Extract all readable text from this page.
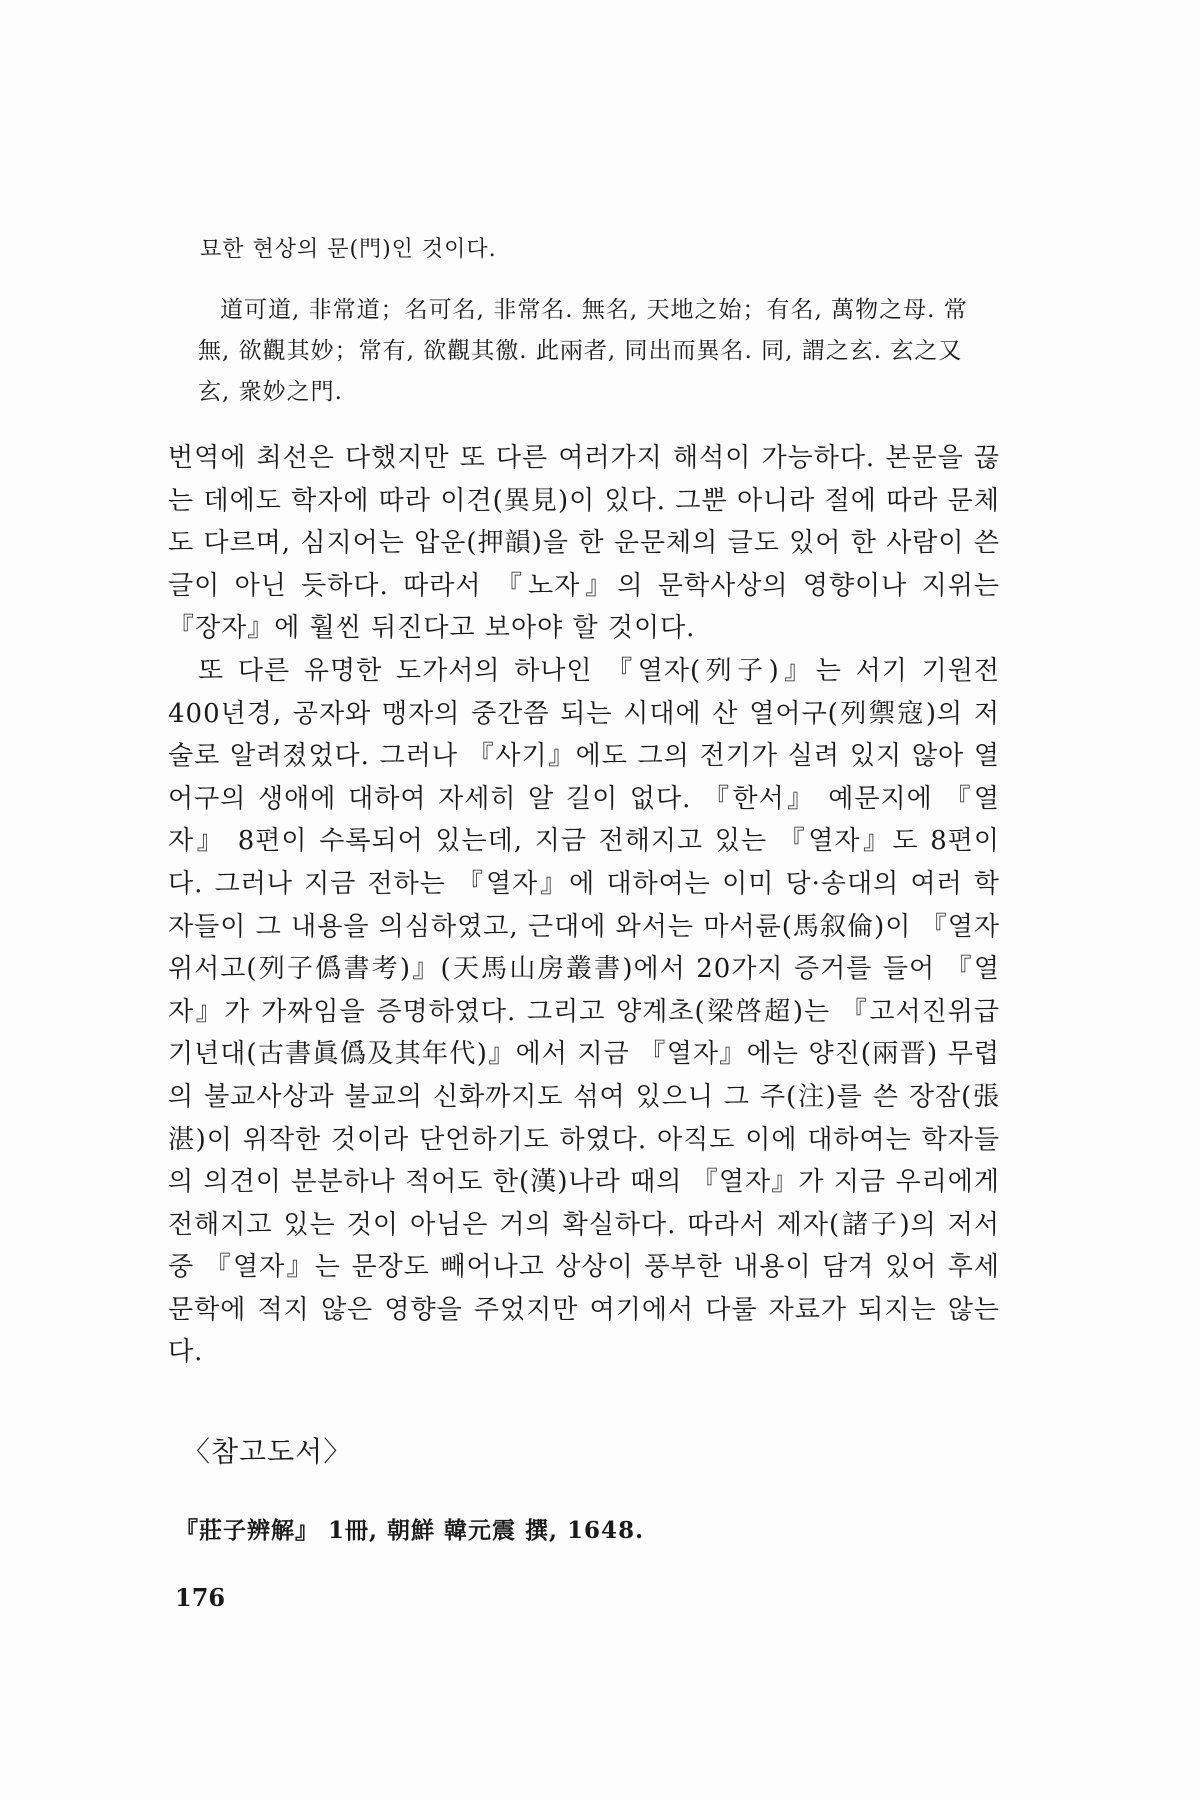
묘한 현상의 문(門)인 것이다.

道可道, 非常道；名可名, 非常名. 無名, 天地之始；有名, 萬物之母. 常

無, 欲觀其妙；常有, 欲觀其徼. 此兩者, 同出而異名. 同, 謂之玄. 玄之又

玄, 衆妙之門.

번역에 최선은 다했지만 또 다른 여러가지 해석이 가능하다. 본문을 끊는 데에도 학자에 따라 이견(異見)이 있다. 그뿐 아니라 절에 따라 문체도 다르며, 심지어는 압운(押韻)을 한 운문체의 글도 있어 한 사람이 쓴 글이 아닌 듯하다. 따라서 『노자』의 문학사상의 영향이나 지위는 『장자』에 훨씬 뒤진다고 보아야 할 것이다.

또 다른 유명한 도가서의 하나인 『열자(列子)』는 서기 기원전 400년경, 공자와 맹자의 중간쯤 되는 시대에 산 열어구(列禦寇)의 저술로 알려졌었다. 그러나 『사기』에도 그의 전기가 실려 있지 않아 열어구의 생애에 대하여 자세히 알 길이 없다. 『한서』 예문지에 『열자』 8편이 수록되어 있는데, 지금 전해지고 있는 『열자』도 8편이다. 그러나 지금 전하는 『열자』에 대하여는 이미 당·송대의 여러 학자들이 그 내용을 의심하였고, 근대에 와서는 마서륜(馬叙倫)이 『열자위서고(列子僞書考)』(天馬山房叢書)에서 20가지 증거를 들어 『열자』가 가짜임을 증명하였다. 그리고 양계초(梁啓超)는 『고서진위급기년대(古書眞僞及其年代)』에서 지금 『열자』에는 양진(兩晋) 무렵의 불교사상과 불교의 신화까지도 섞여 있으니 그 주(注)를 쓴 장잠(張湛)이 위작한 것이라 단언하기도 하였다. 아직도 이에 대하여는 학자들의 의견이 분분하나 적어도 한(漢)나라 때의 『열자』가 지금 우리에게 전해지고 있는 것이 아님은 거의 확실하다. 따라서 제자(諸子)의 저서 중 『열자』는 문장도 빼어나고 상상이 풍부한 내용이 담겨 있어 후세 문학에 적지 않은 영향을 주었지만 여기에서 다룰 자료가 되지는 않는다.

〈참고도서〉
『莊子辨解』 1冊, 朝鮮 韓元震 撰, 1648.
176
